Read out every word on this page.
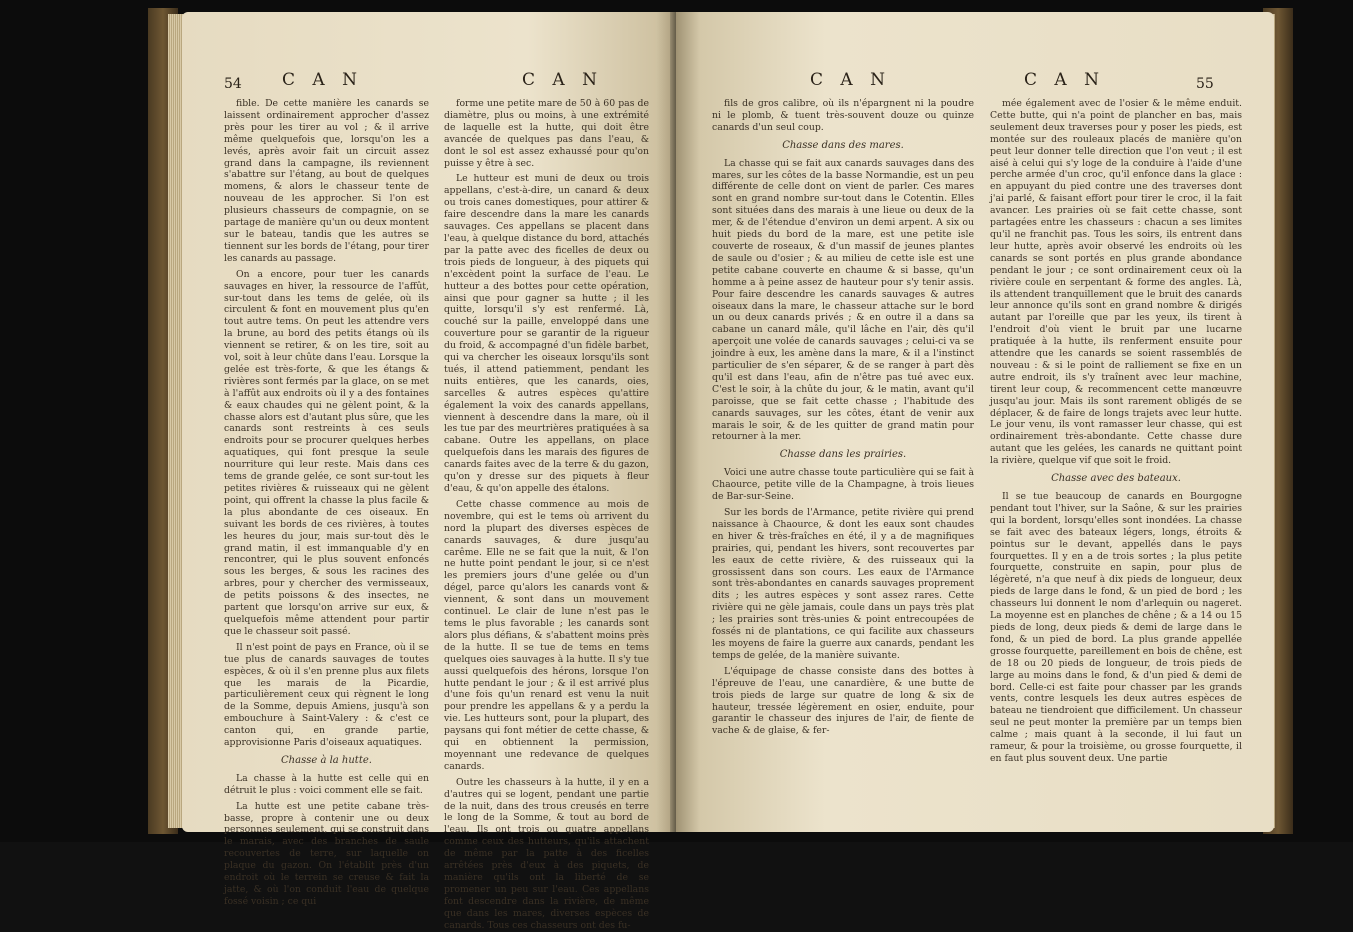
54 C A N	C A N

fible. De cette manière les canards se laissent ordinairement approcher d'assez près pour les tirer au vol ; & il arrive même quelquefois que, lorsqu'on les a levés, après avoir fait un circuit assez grand dans la campagne, ils reviennent s'abattre sur l'étang, au bout de quelques momens, & alors le chasseur tente de nouveau de les approcher. Si l'on est plusieurs chasseurs de compagnie, on se partage de manière qu'un ou deux montent sur le bateau, tandis que les autres se tiennent sur les bords de l'étang, pour tirer les canards au passage.

On a encore, pour tuer les canards sauvages en hiver, la ressource de l'affût, sur-tout dans les tems de gelée, où ils circulent & font en mouvement plus qu'en tout autre tems. On peut les attendre vers la brune, au bord des petits étangs où ils viennent se retirer, & on les tire, soit au vol, soit à leur chûte dans l'eau. Lorsque la gelée est très-forte, & que les étangs & rivières sont fermés par la glace, on se met à l'affût aux endroits où il y a des fontaines & eaux chaudes qui ne gèlent point, & la chasse alors est d'autant plus sûre, que les canards sont restreints à ces seuls endroits pour se procurer quelques herbes aquatiques, qui font presque la seule nourriture qui leur reste. Mais dans ces tems de grande gelée, ce sont sur-tout les petites rivières & ruisseaux qui ne gèlent point, qui offrent la chasse la plus facile & la plus abondante de ces oiseaux. En suivant les bords de ces rivières, à toutes les heures du jour, mais sur-tout dès le grand matin, il est immanquable d'y en rencontrer, qui le plus souvent enfoncés sous les berges, & sous les racines des arbres, pour y chercher des vermisseaux, de petits poissons & des insectes, ne partent que lorsqu'on arrive sur eux, & quelquefois même attendent pour partir que le chasseur soit passé.

Il n'est point de pays en France, où il se tue plus de canards sauvages de toutes espèces, & où il s'en prenne plus aux filets que les marais de la Picardie, particulièrement ceux qui règnent le long de la Somme, depuis Amiens, jusqu'à son embouchure à Saint-Valery : & c'est ce canton qui, en grande partie, approvisionne Paris d'oiseaux aquatiques.

Chasse à la hutte.

La chasse à la hutte est celle qui en détruit le plus : voici comment elle se fait.

La hutte est une petite cabane très-basse, propre à contenir une ou deux personnes seulement, qui se construit dans le marais, avec des branches de saule recouvertes de terre, sur laquelle on plaque du gazon. On l'établit près d'un endroit où le terrein se creuse & fait la jatte, & où l'on conduit l'eau de quelque fossé voisin ; ce qui

forme une petite mare de 50 à 60 pas de diamètre, plus ou moins, à une extrémité de laquelle est la hutte, qui doit être avancée de quelques pas dans l'eau, & dont le sol est assez exhaussé pour qu'on puisse y être à sec.

Le hutteur est muni de deux ou trois appellans, c'est-à-dire, un canard & deux ou trois canes domestiques, pour attirer & faire descendre dans la mare les canards sauvages. Ces appellans se placent dans l'eau, à quelque distance du bord, attachés par la patte avec des ficelles de deux ou trois pieds de longueur, à des piquets qui n'excèdent point la surface de l'eau. Le hutteur a des bottes pour cette opération, ainsi que pour gagner sa hutte ; il les quitte, lorsqu'il s'y est renfermé. Là, couché sur la paille, enveloppé dans une couverture pour se garantir de la rigueur du froid, & accompagné d'un fidèle barbet, qui va chercher les oiseaux lorsqu'ils sont tués, il attend patiemment, pendant les nuits entières, que les canards, oies, sarcelles & autres espèces qu'attire également la voix des canards appellans, viennent à descendre dans la mare, où il les tue par des meurtrières pratiquées à sa cabane. Outre les appellans, on place quelquefois dans les marais des figures de canards faites avec de la terre & du gazon, qu'on y dresse sur des piquets à fleur d'eau, & qu'on appelle des étalons.

Cette chasse commence au mois de novembre, qui est le tems où arrivent du nord la plupart des diverses espèces de canards sauvages, & dure jusqu'au carême. Elle ne se fait que la nuit, & l'on ne hutte point pendant le jour, si ce n'est les premiers jours d'une gelée ou d'un dégel, parce qu'alors les canards vont & viennent, & sont dans un mouvement continuel. Le clair de lune n'est pas le tems le plus favorable ; les canards sont alors plus défians, & s'abattent moins près de la hutte. Il se tue de tems en tems quelques oies sauvages à la hutte. Il s'y tue aussi quelquefois des hérons, lorsque l'on hutte pendant le jour ; & il est arrivé plus d'une fois qu'un renard est venu la nuit pour prendre les appellans & y a perdu la vie. Les hutteurs sont, pour la plupart, des paysans qui font métier de cette chasse, & qui en obtiennent la permission, moyennant une redevance de quelques canards.

Outre les chasseurs à la hutte, il y en a d'autres qui se logent, pendant une partie de la nuit, dans des trous creusés en terre le long de la Somme, & tout au bord de l'eau. Ils ont trois ou quatre appellans comme ceux des hutteurs, qu'ils attachent de même par la patte à des ficelles arrêtées près d'eux à des piquets, de manière qu'ils ont la liberté de se promener un peu sur l'eau. Ces appellans font descendre dans la rivière, de même que dans les mares, diverses espèces de canards. Tous ces chasseurs ont des fu-

C A N	C A N	55

fils de gros calibre, où ils n'épargnent ni la poudre ni le plomb, & tuent très-souvent douze ou quinze canards d'un seul coup.

Chasse dans des mares.

La chasse qui se fait aux canards sauvages dans des mares, sur les côtes de la basse Normandie, est un peu différente de celle dont on vient de parler. Ces mares sont en grand nombre sur-tout dans le Cotentin. Elles sont situées dans des marais à une lieue ou deux de la mer, & de l'étendue d'environ un demi arpent. A six ou huit pieds du bord de la mare, est une petite isle couverte de roseaux, & d'un massif de jeunes plantes de saule ou d'osier ; & au milieu de cette isle est une petite cabane couverte en chaume & si basse, qu'un homme a à peine assez de hauteur pour s'y tenir assis. Pour faire descendre les canards sauvages & autres oiseaux dans la mare, le chasseur attache sur le bord un ou deux canards privés ; & en outre il a dans sa cabane un canard mâle, qu'il lâche en l'air, dès qu'il aperçoit une volée de canards sauvages ; celui-ci va se joindre à eux, les amène dans la mare, & il a l'instinct particulier de s'en séparer, & de se ranger à part dès qu'il est dans l'eau, afin de n'être pas tué avec eux. C'est le soir, à la chûte du jour, & le matin, avant qu'il paroisse, que se fait cette chasse ; l'habitude des canards sauvages, sur les côtes, étant de venir aux marais le soir, & de les quitter de grand matin pour retourner à la mer.

Chasse dans les prairies.

Voici une autre chasse toute particulière qui se fait à Chaource, petite ville de la Champagne, à trois lieues de Bar-sur-Seine.

Sur les bords de l'Armance, petite rivière qui prend naissance à Chaource, & dont les eaux sont chaudes en hiver & très-fraîches en été, il y a de magnifiques prairies, qui, pendant les hivers, sont recouvertes par les eaux de cette rivière, & des ruisseaux qui la grossissent dans son cours. Les eaux de l'Armance sont très-abondantes en canards sauvages proprement dits ; les autres espèces y sont assez rares. Cette rivière qui ne gèle jamais, coule dans un pays très plat ; les prairies sont très-unies & point entrecoupées de fossés ni de plantations, ce qui facilite aux chasseurs les moyens de faire la guerre aux canards, pendant les temps de gelée, de la manière suivante.

L'équipage de chasse consiste dans des bottes à l'épreuve de l'eau, une canardière, & une butte de trois pieds de large sur quatre de long & six de hauteur, tressée légèrement en osier, enduite, pour garantir le chasseur des injures de l'air, de fiente de vache & de glaise, & fer-

mée également avec de l'osier & le même enduit. Cette butte, qui n'a point de plancher en bas, mais seulement deux traverses pour y poser les pieds, est montée sur des rouleaux placés de manière qu'on peut leur donner telle direction que l'on veut ; il est aisé à celui qui s'y loge de la conduire à l'aide d'une perche armée d'un croc, qu'il enfonce dans la glace : en appuyant du pied contre une des traverses dont j'ai parlé, & faisant effort pour tirer le croc, il la fait avancer. Les prairies où se fait cette chasse, sont partagées entre les chasseurs : chacun a ses limites qu'il ne franchit pas. Tous les soirs, ils entrent dans leur hutte, après avoir observé les endroits où les canards se sont portés en plus grande abondance pendant le jour ; ce sont ordinairement ceux où la rivière coule en serpentant & forme des angles. Là, ils attendent tranquillement que le bruit des canards leur annonce qu'ils sont en grand nombre & dirigés autant par l'oreille que par les yeux, ils tirent à l'endroit d'où vient le bruit par une lucarne pratiquée à la hutte, ils renferment ensuite pour attendre que les canards se soient rassemblés de nouveau : & si le point de ralliement se fixe en un autre endroit, ils s'y traînent avec leur machine, tirent leur coup, & recommencent cette manœuvre jusqu'au jour. Mais ils sont rarement obligés de se déplacer, & de faire de longs trajets avec leur hutte. Le jour venu, ils vont ramasser leur chasse, qui est ordinairement très-abondante. Cette chasse dure autant que les gelées, les canards ne quittant point la rivière, quelque vif que soit le froid.

Chasse avec des bateaux.

Il se tue beaucoup de canards en Bourgogne pendant tout l'hiver, sur la Saône, & sur les prairies qui la bordent, lorsqu'elles sont inondées. La chasse se fait avec des bateaux légers, longs, étroits & pointus sur le devant, appellés dans le pays fourquettes. Il y en a de trois sortes ; la plus petite fourquette, construite en sapin, pour plus de légèreté, n'a que neuf à dix pieds de longueur, deux pieds de large dans le fond, & un pied de bord ; les chasseurs lui donnent le nom d'arlequin ou nageret. La moyenne est en planches de chêne ; & a 14 ou 15 pieds de long, deux pieds & demi de large dans le fond, & un pied de bord. La plus grande appellée grosse fourquette, pareillement en bois de chêne, est de 18 ou 20 pieds de longueur, de trois pieds de large au moins dans le fond, & d'un pied & demi de bord. Celle-ci est faite pour chasser par les grands vents, contre lesquels les deux autres espèces de bateau ne tiendroient que difficilement. Un chasseur seul ne peut monter la première par un temps bien calme ; mais quant à la seconde, il lui faut un rameur, & pour la troisième, ou grosse fourquette, il en faut plus souvent deux. Une partie
